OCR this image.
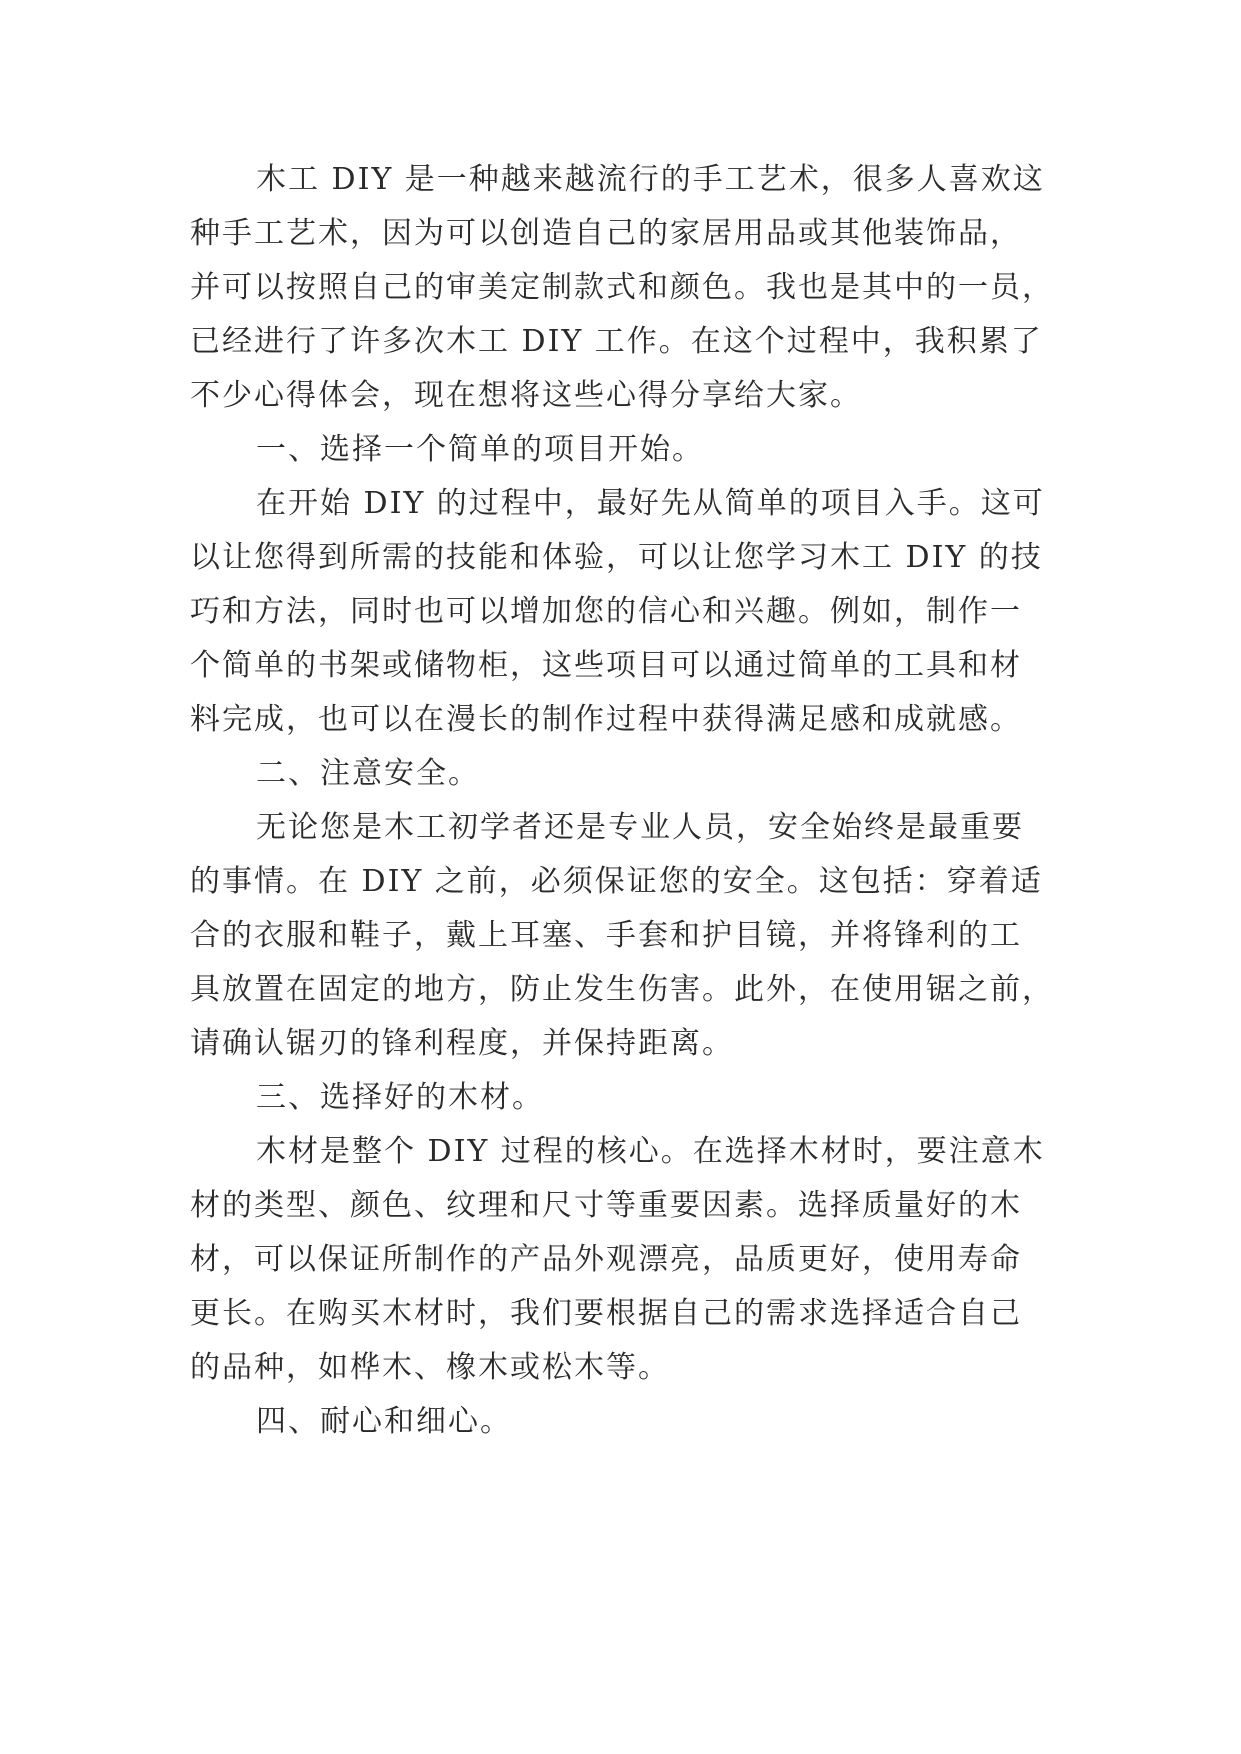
木工 DIY 是一种越来越流行的手工艺术，很多人喜欢这
种手工艺术，因为可以创造自己的家居用品或其他装饰品，
并可以按照自己的审美定制款式和颜色。我也是其中的一员，
已经进行了许多次木工 DIY 工作。在这个过程中，我积累了
不少心得体会，现在想将这些心得分享给大家。
一、选择一个简单的项目开始。
在开始 DIY 的过程中，最好先从简单的项目入手。这可
以让您得到所需的技能和体验，可以让您学习木工 DIY 的技
巧和方法，同时也可以增加您的信心和兴趣。例如，制作一
个简单的书架或储物柜，这些项目可以通过简单的工具和材
料完成，也可以在漫长的制作过程中获得满足感和成就感。
二、注意安全。
无论您是木工初学者还是专业人员，安全始终是最重要
的事情。在 DIY 之前，必须保证您的安全。这包括：穿着适
合的衣服和鞋子，戴上耳塞、手套和护目镜，并将锋利的工
具放置在固定的地方，防止发生伤害。此外，在使用锯之前，
请确认锯刃的锋利程度，并保持距离。
三、选择好的木材。
木材是整个 DIY 过程的核心。在选择木材时，要注意木
材的类型、颜色、纹理和尺寸等重要因素。选择质量好的木
材，可以保证所制作的产品外观漂亮，品质更好，使用寿命
更长。在购买木材时，我们要根据自己的需求选择适合自己
的品种，如桦木、橡木或松木等。
四、耐心和细心。
